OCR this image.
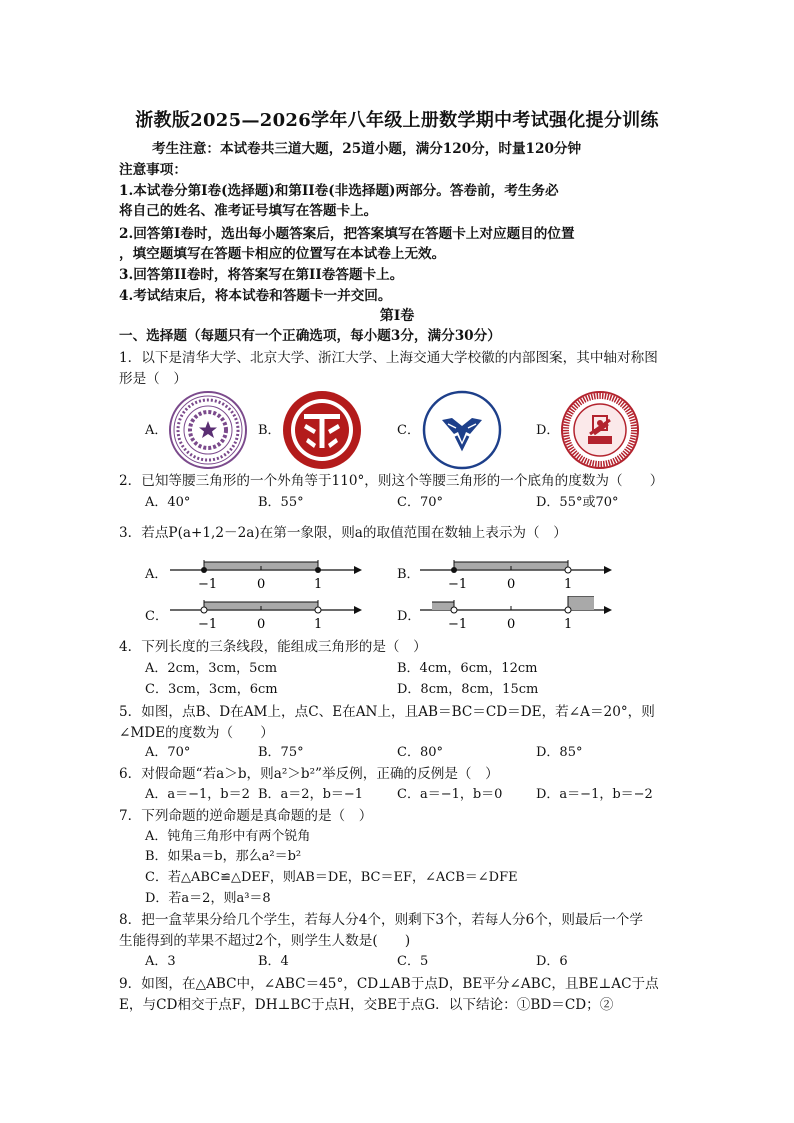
浙教版2025—2026学年八年级上册数学期中考试强化提分训练
考生注意：本试卷共三道大题，25道小题，满分120分，时量120分钟
注意事项：
1.本试卷分第Ⅰ卷(选择题)和第II卷(非选择题)两部分。答卷前，考生务必
将自己的姓名、准考证号填写在答题卡上。
2.回答第Ⅰ卷时，选出每小题答案后，把答案填写在答题卡上对应题目的位置
，填空题填写在答题卡相应的位置写在本试卷上无效。
3.回答第II卷时，将答案写在第II卷答题卡上。
4.考试结束后，将本试卷和答题卡一并交回。
第Ⅰ卷
一、选择题（每题只有一个正确选项，每小题3分，满分30分）
1．以下是清华大学、北京大学、浙江大学、上海交通大学校徽的内部图案，其中轴对称图
形是（　）
A．	B．	C．	D．
2．已知等腰三角形的一个外角等于110°，则这个等腰三角形的一个底角的度数为（　　）
A．40°	B．55°	C．70°	D．55°或70°
3．若点P(a+1,2－2a)在第一象限，则a的取值范围在数轴上表示为（　）
A．
−1	0	1
B．
−1	0	1
C．
−1	0	1
D．
−1	0	1
4．下列长度的三条线段，能组成三角形的是（　）
A．2cm，3cm，5cm	B．4cm，6cm，12cm
C．3cm，3cm，6cm	D．8cm，8cm，15cm
5．如图，点B、D在AM上，点C、E在AN上，且AB＝BC＝CD＝DE，若∠A＝20°，则
∠MDE的度数为（　　）
A．70°	B．75°	C．80°	D．85°
6．对假命题“若a＞b，则a²＞b²”举反例，正确的反例是（　）
A．a＝−1，b＝2 B．a＝2，b＝−1	C．a＝−1，b＝0	D．a＝−1，b＝−2
7．下列命题的逆命题是真命题的是（　）
A．钝角三角形中有两个锐角
B．如果a＝b，那么a²＝b²
C．若△ABC≌△DEF，则AB＝DE，BC＝EF，∠ACB＝∠DFE
D．若a＝2，则a³＝8
8．把一盒苹果分给几个学生，若每人分4个，则剩下3个，若每人分6个，则最后一个学
生能得到的苹果不超过2个，则学生人数是(　　)
A．3	B．4	C．5	D．6
9．如图，在△ABC中，∠ABC＝45°，CD⊥AB于点D，BE平分∠ABC，且BE⊥AC于点
E，与CD相交于点F，DH⊥BC于点H，交BE于点G．以下结论：①BD＝CD；②
